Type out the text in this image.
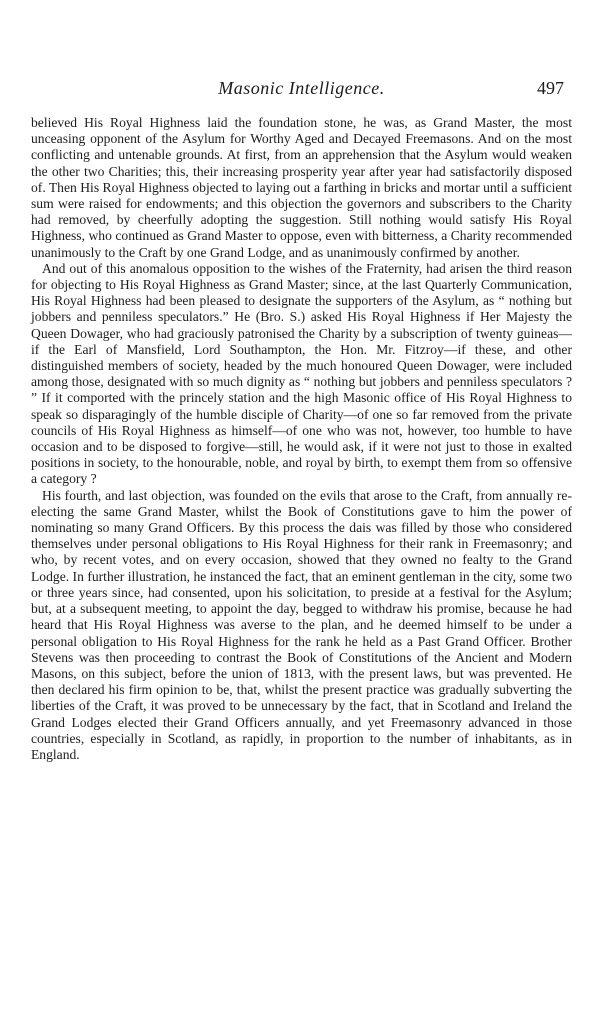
Masonic Intelligence.	497

believed His Royal Highness laid the foundation stone, he was, as Grand Master, the most unceasing opponent of the Asylum for Worthy Aged and Decayed Freemasons. And on the most conflicting and untenable grounds. At first, from an apprehension that the Asylum would weaken the other two Charities; this, their increasing prosperity year after year had satisfactorily disposed of. Then His Royal Highness objected to laying out a farthing in bricks and mortar until a sufficient sum were raised for endowments; and this objection the governors and subscribers to the Charity had removed, by cheerfully adopting the suggestion. Still nothing would satisfy His Royal Highness, who continued as Grand Master to oppose, even with bitterness, a Charity recommended unanimously to the Craft by one Grand Lodge, and as unanimously confirmed by another.

And out of this anomalous opposition to the wishes of the Fraternity, had arisen the third reason for objecting to His Royal Highness as Grand Master; since, at the last Quarterly Communication, His Royal Highness had been pleased to designate the supporters of the Asylum, as “ nothing but jobbers and penniless speculators.” He (Bro. S.) asked His Royal Highness if Her Majesty the Queen Dowager, who had graciously patronised the Charity by a subscription of twenty guineas—if the Earl of Mansfield, Lord Southampton, the Hon. Mr. Fitzroy—if these, and other distinguished members of society, headed by the much honoured Queen Dowager, were included among those, designated with so much dignity as “ nothing but jobbers and penniless speculators ? ” If it comported with the princely station and the high Masonic office of His Royal Highness to speak so disparagingly of the humble disciple of Charity—of one so far removed from the private councils of His Royal Highness as himself—of one who was not, however, too humble to have occasion and to be disposed to forgive—still, he would ask, if it were not just to those in exalted positions in society, to the honourable, noble, and royal by birth, to exempt them from so offensive a category ?

His fourth, and last objection, was founded on the evils that arose to the Craft, from annually re-electing the same Grand Master, whilst the Book of Constitutions gave to him the power of nominating so many Grand Officers. By this process the dais was filled by those who considered themselves under personal obligations to His Royal Highness for their rank in Freemasonry; and who, by recent votes, and on every occasion, showed that they owned no fealty to the Grand Lodge. In further illustration, he instanced the fact, that an eminent gentleman in the city, some two or three years since, had consented, upon his solicitation, to preside at a festival for the Asylum; but, at a subsequent meeting, to appoint the day, begged to withdraw his promise, because he had heard that His Royal Highness was averse to the plan, and he deemed himself to be under a personal obligation to His Royal Highness for the rank he held as a Past Grand Officer. Brother Stevens was then proceeding to contrast the Book of Constitutions of the Ancient and Modern Masons, on this subject, before the union of 1813, with the present laws, but was prevented. He then declared his firm opinion to be, that, whilst the present practice was gradually subverting the liberties of the Craft, it was proved to be unnecessary by the fact, that in Scotland and Ireland the Grand Lodges elected their Grand Officers annually, and yet Freemasonry advanced in those countries, especially in Scotland, as rapidly, in proportion to the number of inhabitants, as in England.
